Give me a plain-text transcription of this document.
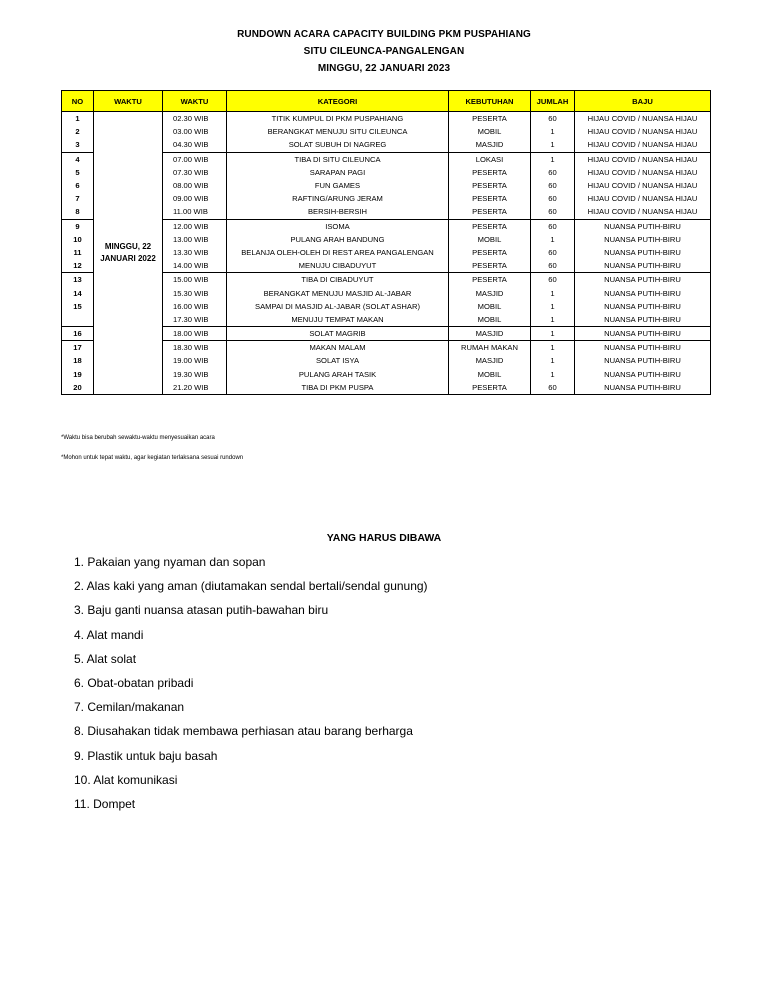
RUNDOWN ACARA CAPACITY BUILDING PKM PUSPAHIANG
SITU CILEUNCA-PANGALENGAN
MINGGU, 22 JANUARI 2023
NO	WAKTU	WAKTU	KATEGORI	KEBUTUHAN	JUMLAH	BAJU
1	MINGGU, 22 JANUARI 2022	02.30 WIB	TITIK KUMPUL DI PKM PUSPAHIANG	PESERTA	60	HIJAU COVID / NUANSA HIJAU
2		03.00 WIB	BERANGKAT MENUJU SITU CILEUNCA	MOBIL	1	HIJAU COVID / NUANSA HIJAU
3		04.30 WIB	SOLAT SUBUH DI NAGREG	MASJID	1	HIJAU COVID / NUANSA HIJAU
4		07.00 WIB	TIBA DI SITU CILEUNCA	LOKASI	1	HIJAU COVID / NUANSA HIJAU
5		07.30 WIB	SARAPAN PAGI	PESERTA	60	HIJAU COVID / NUANSA HIJAU
6		08.00 WIB	FUN GAMES	PESERTA	60	HIJAU COVID / NUANSA HIJAU
7		09.00 WIB	RAFTING/ARUNG JERAM	PESERTA	60	HIJAU COVID / NUANSA HIJAU
8		11.00 WIB	BERSIH-BERSIH	PESERTA	60	HIJAU COVID / NUANSA HIJAU
9		12.00 WIB	ISOMA	PESERTA	60	NUANSA PUTIH-BIRU
10		13.00 WIB	PULANG ARAH BANDUNG	MOBIL	1	NUANSA PUTIH-BIRU
11		13.30 WIB	BELANJA OLEH-OLEH DI REST AREA PANGALENGAN	PESERTA	60	NUANSA PUTIH-BIRU
12		14.00 WIB	MENUJU CIBADUYUT	PESERTA	60	NUANSA PUTIH-BIRU
13		15.00 WIB	TIBA DI CIBADUYUT	PESERTA	60	NUANSA PUTIH-BIRU
14		15.30 WIB	BERANGKAT MENUJU MASJID AL-JABAR	MASJID	1	NUANSA PUTIH-BIRU
15		16.00 WIB	SAMPAI DI MASJID AL-JABAR (SOLAT ASHAR)	MOBIL	1	NUANSA PUTIH-BIRU
		17.30 WIB	MENUJU TEMPAT MAKAN	MOBIL	1	NUANSA PUTIH-BIRU
16		18.00 WIB	SOLAT MAGRIB	MASJID	1	NUANSA PUTIH-BIRU
17		18.30 WIB	MAKAN MALAM	RUMAH MAKAN	1	NUANSA PUTIH-BIRU
18		19.00 WIB	SOLAT ISYA	MASJID	1	NUANSA PUTIH-BIRU
19		19.30 WIB	PULANG ARAH TASIK	MOBIL	1	NUANSA PUTIH-BIRU
20		21.20 WIB	TIBA DI PKM PUSPA	PESERTA	60	NUANSA PUTIH-BIRU
*Waktu bisa berubah sewaktu-waktu menyesuaikan acara
*Mohon untuk tepat waktu, agar kegiatan terlaksana sesuai rundown
YANG HARUS DIBAWA
1. Pakaian yang nyaman dan sopan
2. Alas kaki yang aman (diutamakan sendal bertali/sendal gunung)
3. Baju ganti nuansa atasan putih-bawahan biru
4. Alat mandi
5. Alat solat
6. Obat-obatan pribadi
7. Cemilan/makanan
8. Diusahakan tidak membawa perhiasan atau barang berharga
9. Plastik untuk baju basah
10. Alat komunikasi
11. Dompet
